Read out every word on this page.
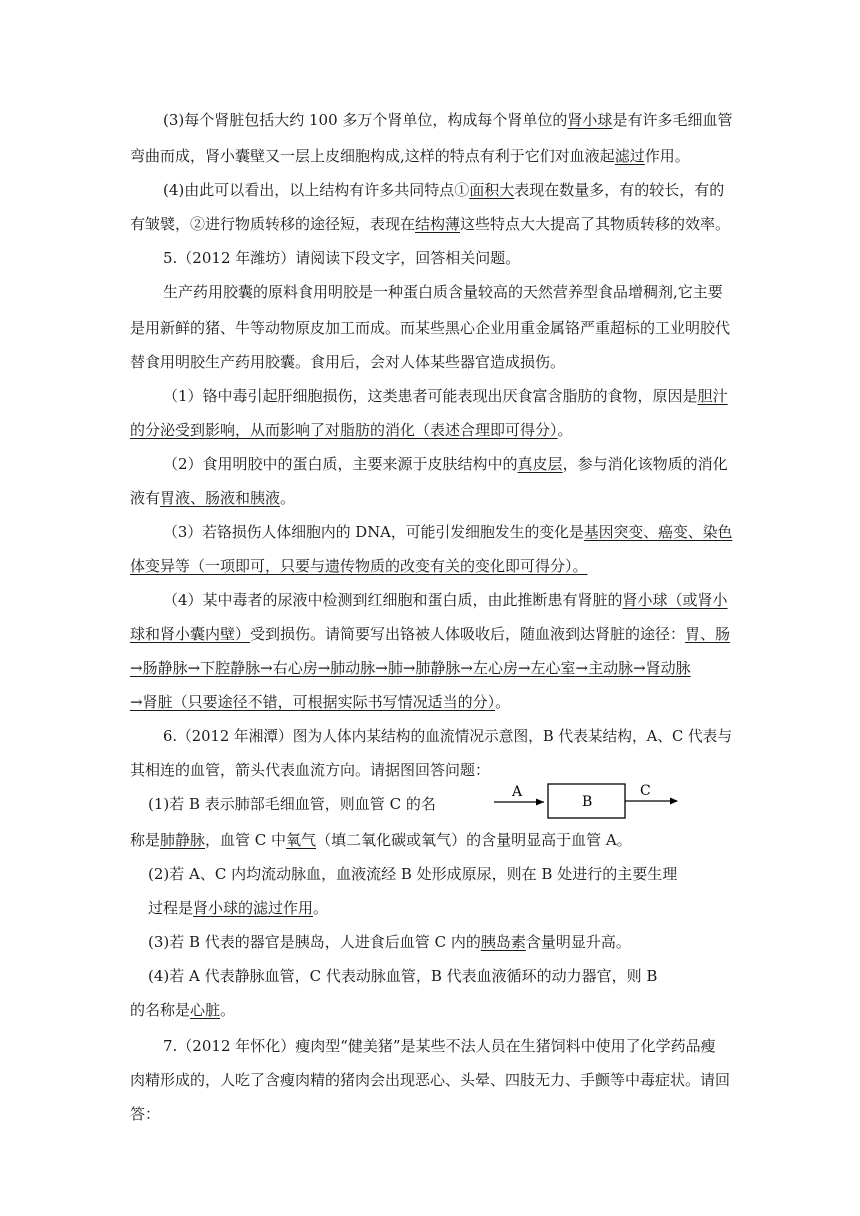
(3)每个肾脏包括大约 100 多万个肾单位，构成每个肾单位的肾小球是有许多毛细血管
弯曲而成，肾小囊壁又一层上皮细胞构成,这样的特点有利于它们对血液起滤过作用。
(4)由此可以看出，以上结构有许多共同特点①面积大表现在数量多，有的较长，有的
有皱襞，②进行物质转移的途径短，表现在结构薄这些特点大大提高了其物质转移的效率。
5.（2012 年潍坊）请阅读下段文字，回答相关问题。
生产药用胶囊的原料食用明胶是一种蛋白质含量较高的天然营养型食品增稠剂,它主要
是用新鲜的猪、牛等动物原皮加工而成。而某些黑心企业用重金属铬严重超标的工业明胶代
替食用明胶生产药用胶囊。食用后，会对人体某些器官造成损伤。
（1）铬中毒引起肝细胞损伤，这类患者可能表现出厌食富含脂肪的食物，原因是胆汁
的分泌受到影响，从而影响了对脂肪的消化（表述合理即可得分）。
（2）食用明胶中的蛋白质，主要来源于皮肤结构中的真皮层，参与消化该物质的消化
液有胃液、肠液和胰液。
（3）若铬损伤人体细胞内的 DNA，可能引发细胞发生的变化是基因突变、癌变、染色
体变异等（一项即可，只要与遗传物质的改变有关的变化即可得分）。
（4）某中毒者的尿液中检测到红细胞和蛋白质，由此推断患有肾脏的肾小球（或肾小
球和肾小囊内壁）受到损伤。请简要写出铬被人体吸收后，随血液到达肾脏的途径：胃、肠
→肠静脉→下腔静脉→右心房→肺动脉→肺→肺静脉→左心房→左心室→主动脉→肾动脉
→肾脏（只要途径不错，可根据实际书写情况适当的分）。
6.（2012 年湘潭）图为人体内某结构的血流情况示意图，B 代表某结构，A、C 代表与
其相连的血管，箭头代表血流方向。请据图回答问题：
(1)若 B 表示肺部毛细血管，则血管 C 的名
A
B
C
称是肺静脉，血管 C 中氧气（填二氧化碳或氧气）的含量明显高于血管 A。
(2)若 A、C 内均流动脉血，血液流经 B 处形成原尿，则在 B 处进行的主要生理
过程是肾小球的滤过作用。
(3)若 B 代表的器官是胰岛，人进食后血管 C 内的胰岛素含量明显升高。
(4)若 A 代表静脉血管，C 代表动脉血管，B 代表血液循环的动力器官，则 B
的名称是心脏。
7.（2012 年怀化）瘦肉型“健美猪”是某些不法人员在生猪饲料中使用了化学药品瘦
肉精形成的，人吃了含瘦肉精的猪肉会出现恶心、头晕、四肢无力、手颤等中毒症状。请回
答：
